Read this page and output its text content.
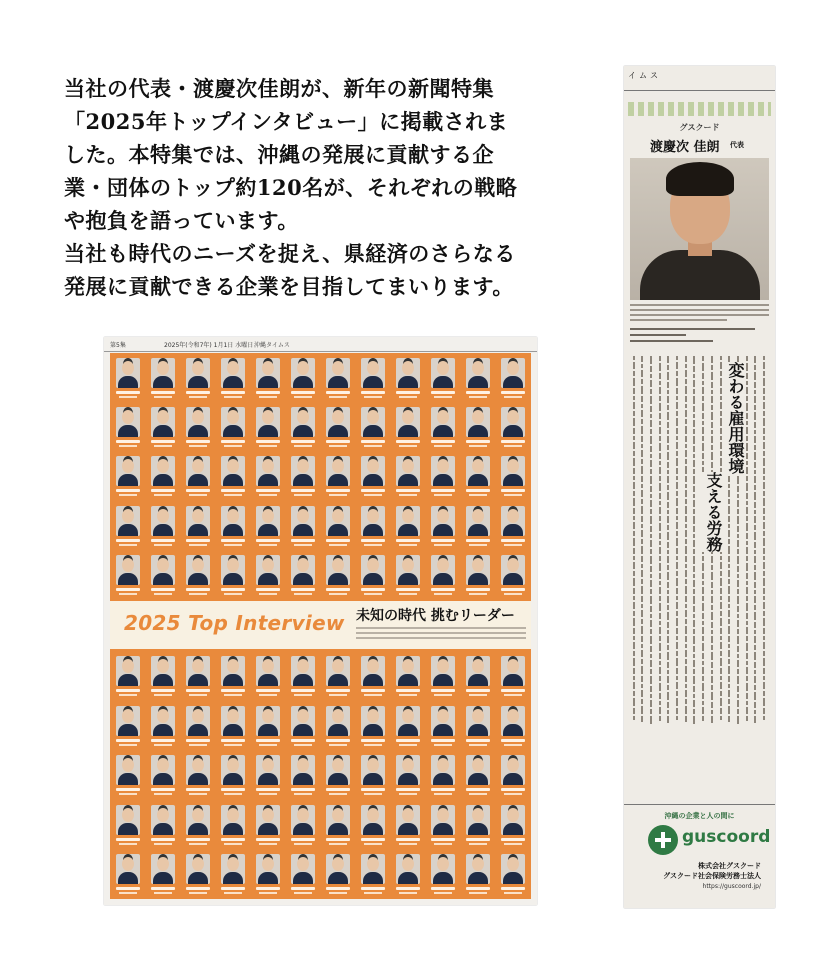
当社の代表・渡慶次佳朗が、新年の新聞特集

「2025年トップインタビュー」に掲載されま

した。本特集では、沖縄の発展に貢献する企

業・団体のトップ約120名が、それぞれの戦略

や抱負を語っています。

当社も時代のニーズを捉え、県経済のさらなる

発展に貢献できる企業を目指してまいります。

第5集	2025年(令和7年) 1月1日 水曜日 沖縄タイムス
2025 Top Interview 未知の時代 挑むリーダー
イムス
グスクード
渡慶次 佳朗 代表
変わる雇用環境
支える労務
沖縄の企業と人の間に
guscoord
株式会社グスクード
グスクード社会保険労務士法人
https://guscoord.jp/
